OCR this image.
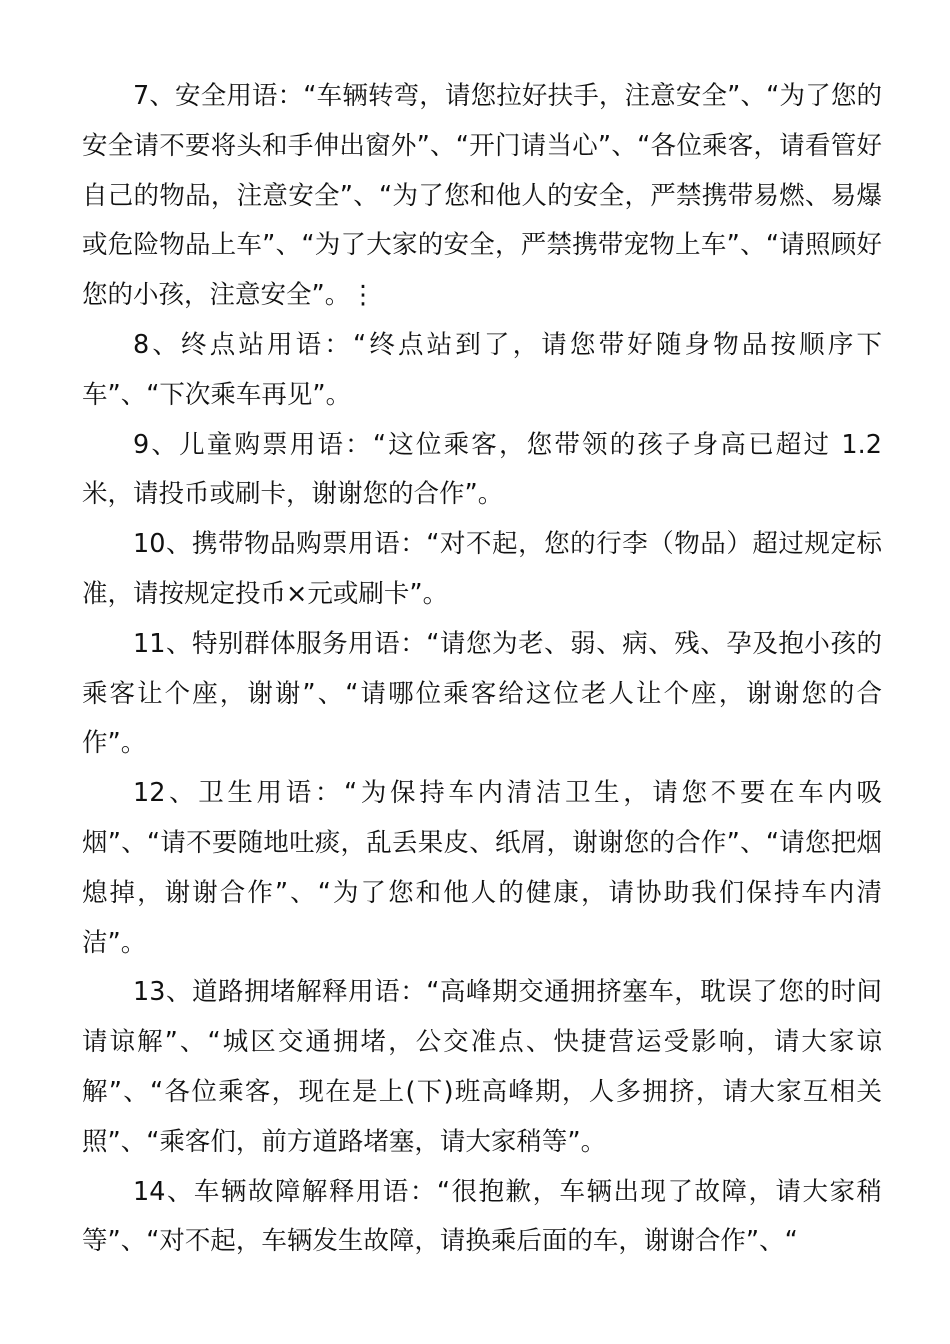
7、安全用语：“车辆转弯，请您拉好扶手，注意安全”、“为了您的安全请不要将头和手伸出窗外”、“开门请当心”、“各位乘客，请看管好自己的物品，注意安全”、“为了您和他人的安全，严禁携带易燃、易爆或危险物品上车”、“为了大家的安全，严禁携带宠物上车”、“请照顾好您的小孩，注意安全”。⋮

8、终点站用语：“终点站到了，请您带好随身物品按顺序下车”、“下次乘车再见”。

9、儿童购票用语：“这位乘客，您带领的孩子身高已超过 1.2 米，请投币或刷卡，谢谢您的合作”。

10、携带物品购票用语：“对不起，您的行李（物品）超过规定标准，请按规定投币×元或刷卡”。

11、特别群体服务用语：“请您为老、弱、病、残、孕及抱小孩的乘客让个座，谢谢”、“请哪位乘客给这位老人让个座，谢谢您的合作”。

12、卫生用语：“为保持车内清洁卫生，请您不要在车内吸烟”、“请不要随地吐痰，乱丢果皮、纸屑，谢谢您的合作”、“请您把烟熄掉，谢谢合作”、“为了您和他人的健康，请协助我们保持车内清洁”。

13、道路拥堵解释用语：“高峰期交通拥挤塞车，耽误了您的时间请谅解”、“城区交通拥堵，公交准点、快捷营运受影响，请大家谅解”、“各位乘客，现在是上(下)班高峰期，人多拥挤，请大家互相关照”、“乘客们，前方道路堵塞，请大家稍等”。

14、车辆故障解释用语：“很抱歉，车辆出现了故障，请大家稍等”、“对不起，车辆发生故障，请换乘后面的车，谢谢合作”、“
